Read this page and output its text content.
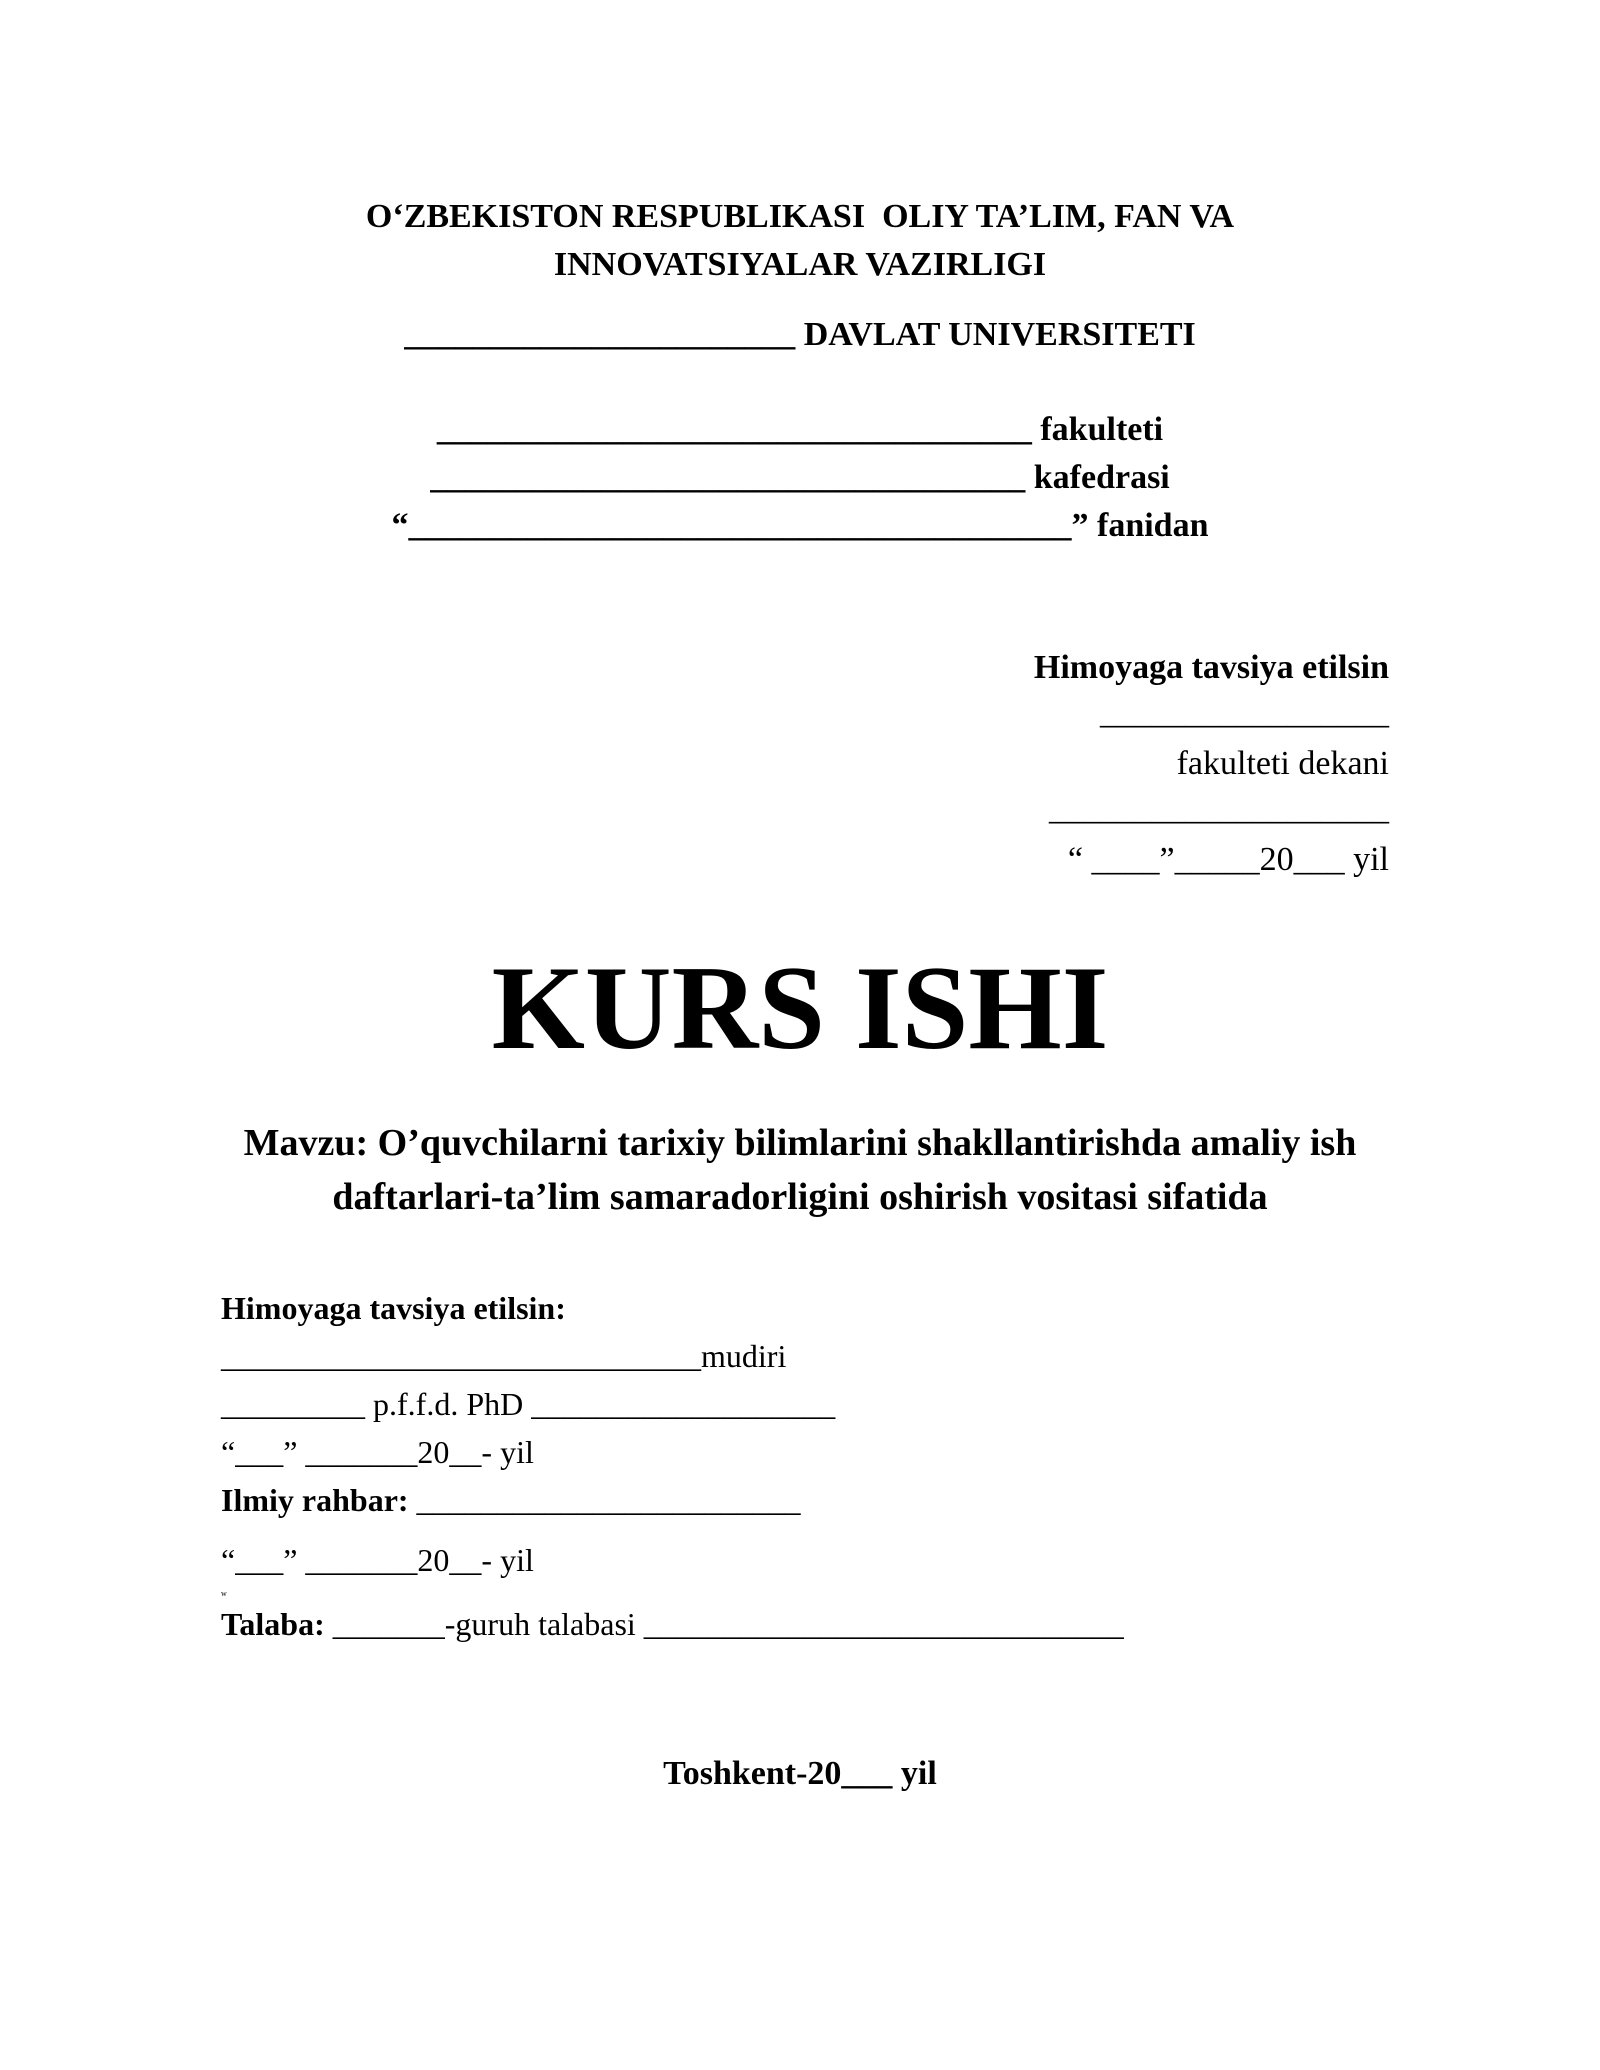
O‘ZBEKISTON RESPUBLIKASI  OLIY TA’LIM, FAN VA
INNOVATSIYALAR VAZIRLIGI
_______________________ DAVLAT UNIVERSITETI
___________________________________ fakulteti
___________________________________ kafedrasi
“_______________________________________” fanidan
Himoyaga tavsiya etilsin
_________________
fakulteti dekani
____________________
“ ____”_____20___ yil
KURS ISHI
Mavzu: O’quvchilarni tarixiy bilimlarini shakllantirishda amaliy ish
daftarlari-ta’lim samaradorligini oshirish vositasi sifatida
Himoyaga tavsiya etilsin:
______________________________mudiri
_________ p.f.f.d. PhD ___________________
“___” _______20__- yil
Ilmiy rahbar: ________________________
“___” _______20__- yil
w
Talaba: _______-guruh talabasi ______________________________
Toshkent-20___ yil
